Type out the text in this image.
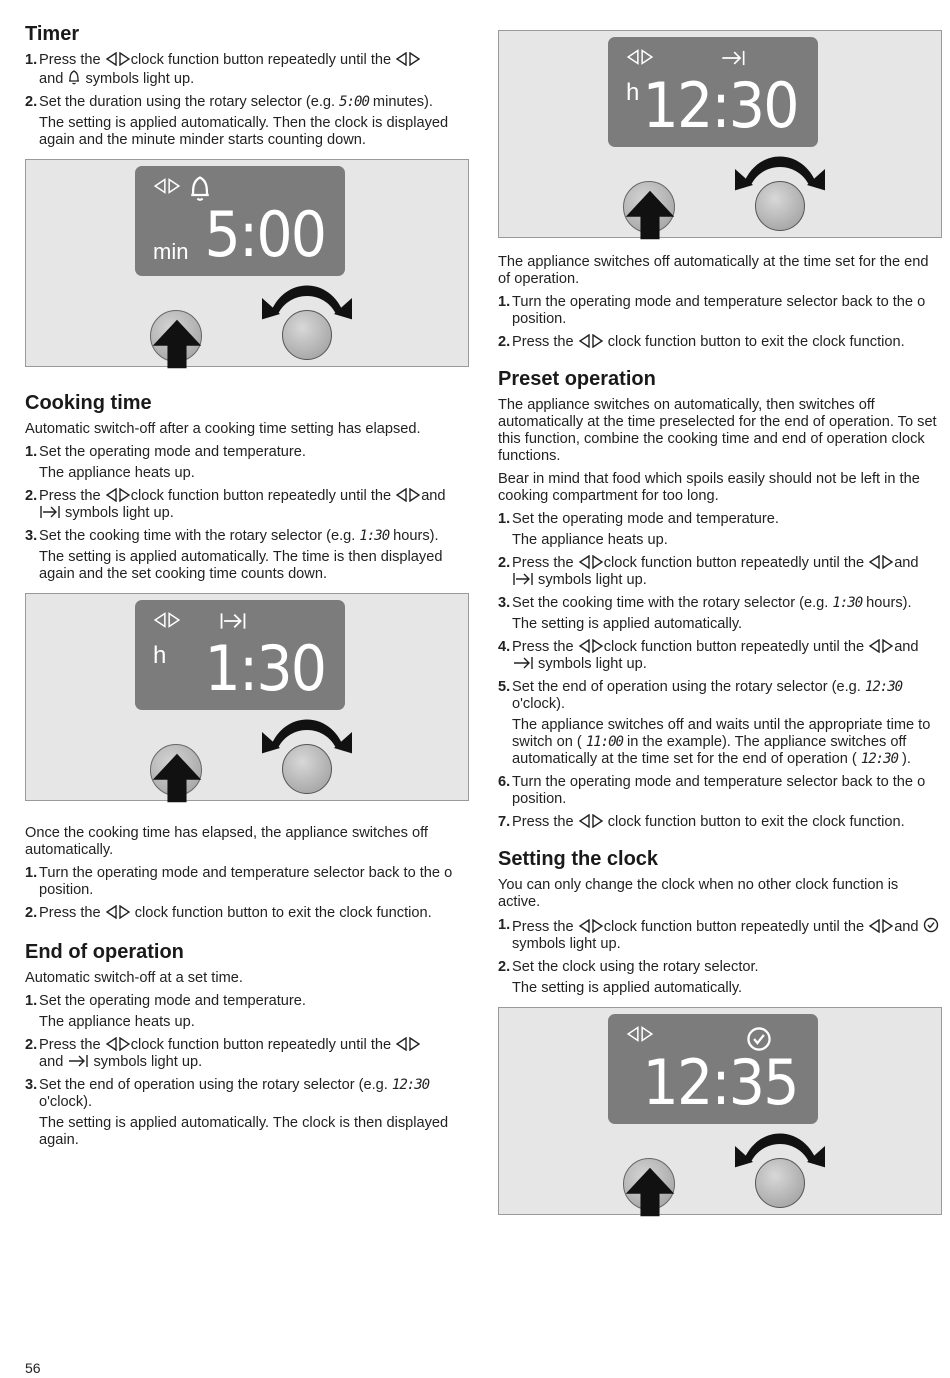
Timer
1. Press the clock function button repeatedly until the
and  symbols light up.
2. Set the duration using the rotary selector (e.g. 5:00 minutes).
The setting is applied automatically. Then the clock is displayed again and the minute minder starts counting down.
min 5:00
Cooking time

Automatic switch-off after a cooking time setting has elapsed.

1. Set the operating mode and temperature.
The appliance heats up.
2. Press the clock function button repeatedly until the and  symbols light up.
3. Set the cooking time with the rotary selector (e.g. 1:30 hours).
The setting is applied automatically. The time is then displayed again and the set cooking time counts down.
h 1:30

Once the cooking time has elapsed, the appliance switches off automatically.

1. Turn the operating mode and temperature selector back to the o position.
2. Press the  clock function button to exit the clock function.
End of operation

Automatic switch-off at a set time.

1. Set the operating mode and temperature.
The appliance heats up.
2. Press the clock function button repeatedly until the
and  symbols light up.
3. Set the end of operation using the rotary selector (e.g. 12:30 o'clock).
The setting is applied automatically. The clock is then displayed again.
h 12:30

The appliance switches off automatically at the time set for the end of operation.

1. Turn the operating mode and temperature selector back to the o position.
2. Press the  clock function button to exit the clock function.
Preset operation

The appliance switches on automatically, then switches off automatically at the time preselected for the end of operation. To set this function, combine the cooking time and end of operation clock functions.

Bear in mind that food which spoils easily should not be left in the cooking compartment for too long.

1. Set the operating mode and temperature.
The appliance heats up.
2. Press the clock function button repeatedly until the and  symbols light up.
3. Set the cooking time with the rotary selector (e.g. 1:30 hours).
The setting is applied automatically.
4. Press the clock function button repeatedly until the and  symbols light up.
5. Set the end of operation using the rotary selector (e.g. 12:30 o'clock).
The appliance switches off and waits until the appropriate time to switch on ( 11:00 in the example). The appliance switches off automatically at the time set for the end of operation ( 12:30 ).
6. Turn the operating mode and temperature selector back to the o position.
7. Press the  clock function button to exit the clock function.
Setting the clock

You can only change the clock when no other clock function is active.

1. Press the clock function button repeatedly until the and  symbols light up.
2. Set the clock using the rotary selector.
The setting is applied automatically.
12:35
56
